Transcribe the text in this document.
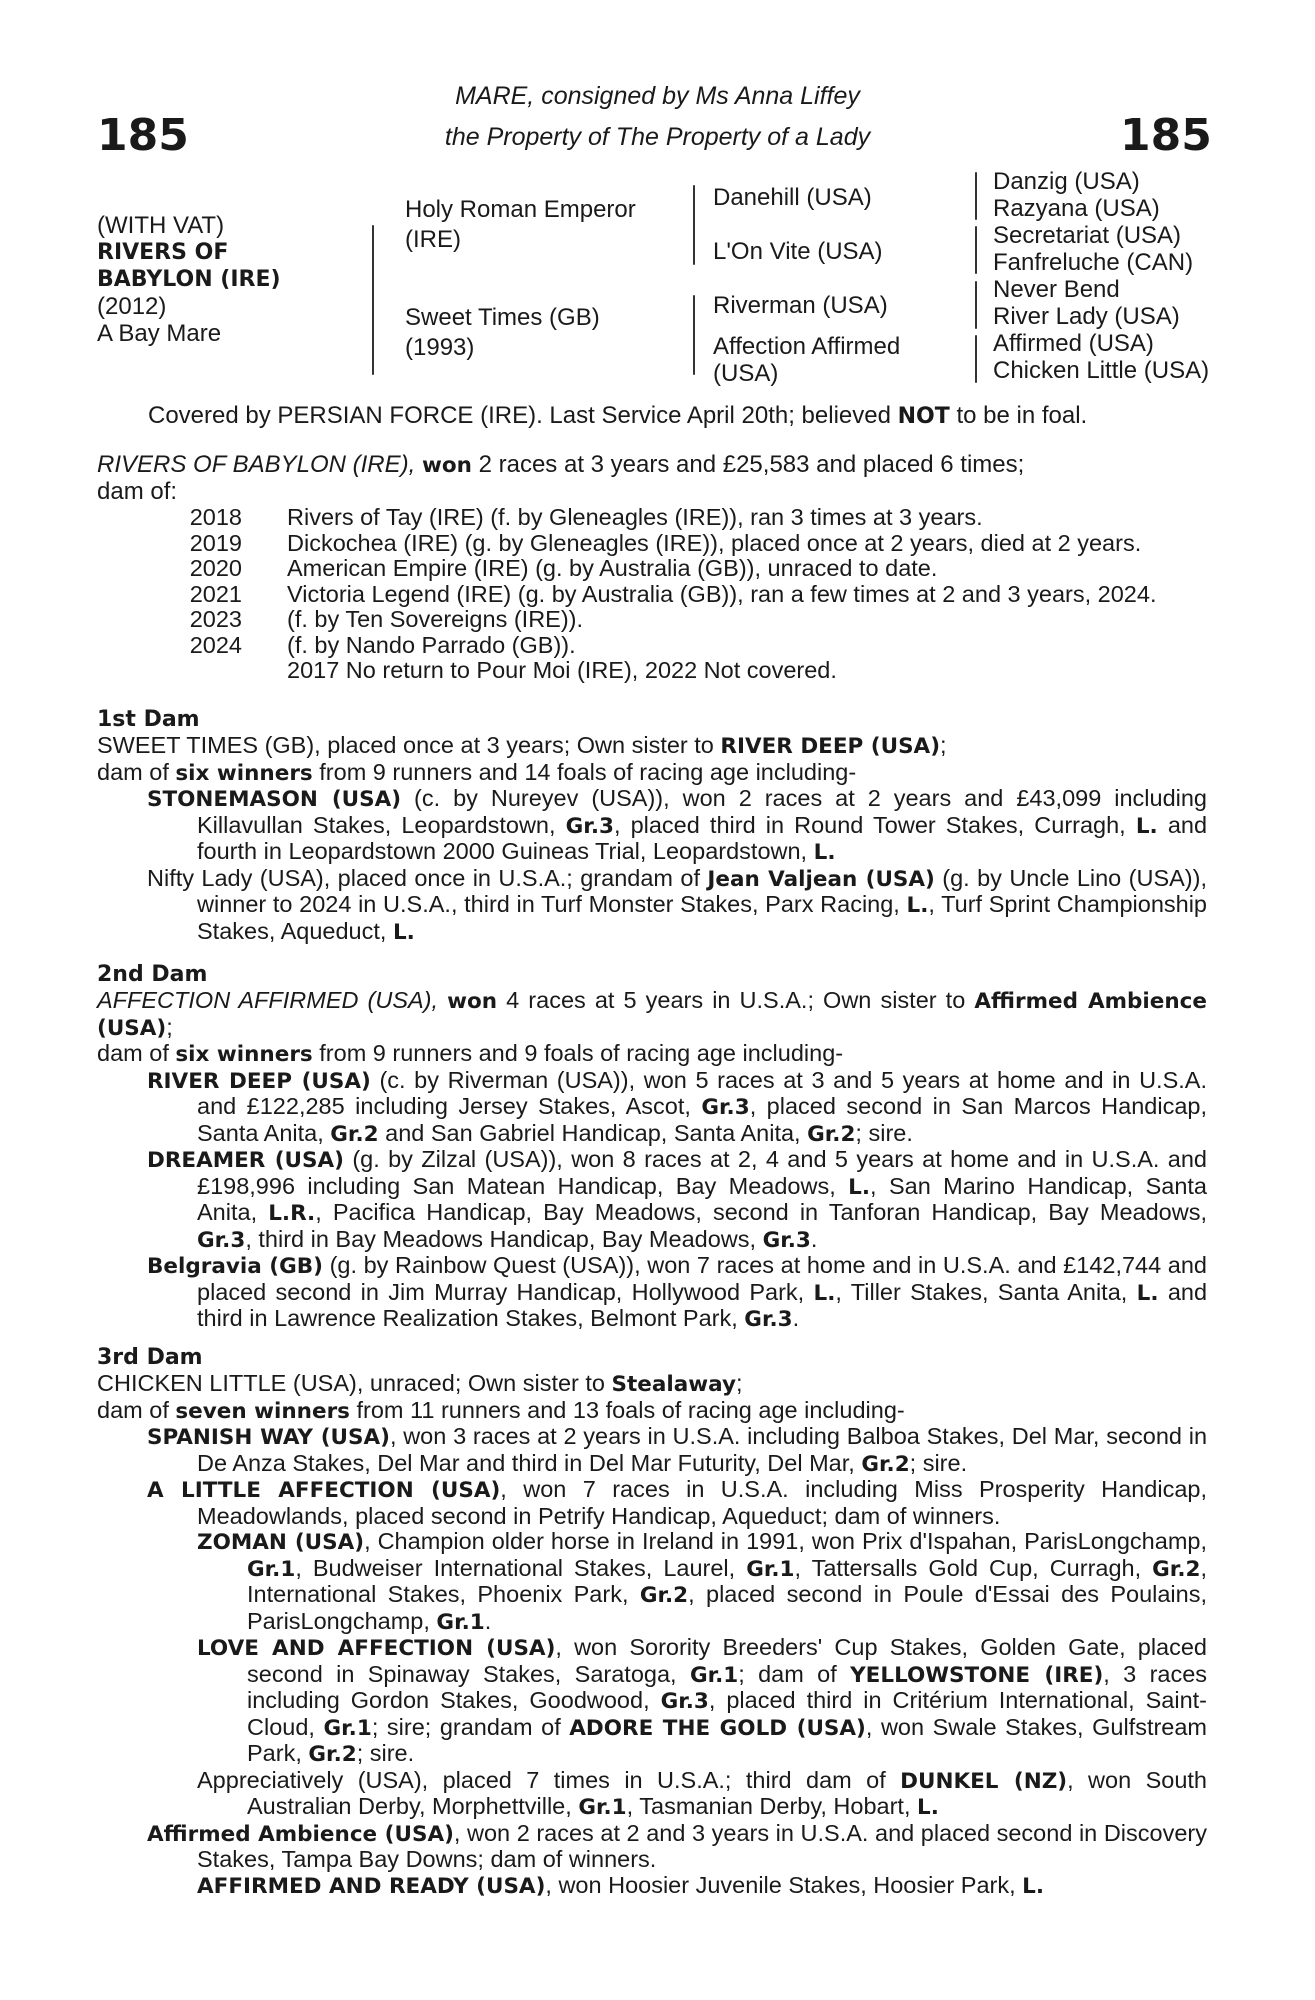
185	185
MARE, consigned by Ms Anna Liffey
the Property of The Property of a Lady
(WITH VAT)
RIVERS OF
BABYLON (IRE)
(2012)
A Bay Mare
Holy Roman Emperor (IRE)
Sweet Times (GB) (1993)
Danehill (USA)
L'On Vite (USA)
Riverman (USA)
Affection Affirmed (USA)
Danzig (USA)
Razyana (USA)
Secretariat (USA)
Fanfreluche (CAN)
Never Bend
River Lady (USA)
Affirmed (USA)
Chicken Little (USA)
Covered by PERSIAN FORCE (IRE). Last Service April 20th; believed NOT to be in foal.

RIVERS OF BABYLON (IRE), won 2 races at 3 years and £25,583 and placed 6 times;

dam of:

2018	Rivers of Tay (IRE) (f. by Gleneagles (IRE)), ran 3 times at 3 years.
2019	Dickochea (IRE) (g. by Gleneagles (IRE)), placed once at 2 years, died at 2 years.
2020	American Empire (IRE) (g. by Australia (GB)), unraced to date.
2021	Victoria Legend (IRE) (g. by Australia (GB)), ran a few times at 2 and 3 years, 2024.
2023	(f. by Ten Sovereigns (IRE)).
2024	(f. by Nando Parrado (GB)).
2017 No return to Pour Moi (IRE), 2022 Not covered.

1st Dam

SWEET TIMES (GB), placed once at 3 years; Own sister to RIVER DEEP (USA);

dam of six winners from 9 runners and 14 foals of racing age including-

STONEMASON (USA) (c. by Nureyev (USA)), won 2 races at 2 years and £43,099 including Killavullan Stakes, Leopardstown, Gr.3, placed third in Round Tower Stakes, Curragh, L. and fourth in Leopardstown 2000 Guineas Trial, Leopardstown, L.

Nifty Lady (USA), placed once in U.S.A.; grandam of Jean Valjean (USA) (g. by Uncle Lino (USA)), winner to 2024 in U.S.A., third in Turf Monster Stakes, Parx Racing, L., Turf Sprint Championship Stakes, Aqueduct, L.

2nd Dam

AFFECTION AFFIRMED (USA), won 4 races at 5 years in U.S.A.; Own sister to Affirmed Ambience (USA);

dam of six winners from 9 runners and 9 foals of racing age including-

RIVER DEEP (USA) (c. by Riverman (USA)), won 5 races at 3 and 5 years at home and in U.S.A. and £122,285 including Jersey Stakes, Ascot, Gr.3, placed second in San Marcos Handicap, Santa Anita, Gr.2 and San Gabriel Handicap, Santa Anita, Gr.2; sire.

DREAMER (USA) (g. by Zilzal (USA)), won 8 races at 2, 4 and 5 years at home and in U.S.A. and £198,996 including San Matean Handicap, Bay Meadows, L., San Marino Handicap, Santa Anita, L.R., Pacifica Handicap, Bay Meadows, second in Tanforan Handicap, Bay Meadows, Gr.3, third in Bay Meadows Handicap, Bay Meadows, Gr.3.

Belgravia (GB) (g. by Rainbow Quest (USA)), won 7 races at home and in U.S.A. and £142,744 and placed second in Jim Murray Handicap, Hollywood Park, L., Tiller Stakes, Santa Anita, L. and third in Lawrence Realization Stakes, Belmont Park, Gr.3.

3rd Dam

CHICKEN LITTLE (USA), unraced; Own sister to Stealaway;

dam of seven winners from 11 runners and 13 foals of racing age including-

SPANISH WAY (USA), won 3 races at 2 years in U.S.A. including Balboa Stakes, Del Mar, second in De Anza Stakes, Del Mar and third in Del Mar Futurity, Del Mar, Gr.2; sire.

A LITTLE AFFECTION (USA), won 7 races in U.S.A. including Miss Prosperity Handicap, Meadowlands, placed second in Petrify Handicap, Aqueduct; dam of winners.

ZOMAN (USA), Champion older horse in Ireland in 1991, won Prix d'Ispahan, ParisLongchamp, Gr.1, Budweiser International Stakes, Laurel, Gr.1, Tattersalls Gold Cup, Curragh, Gr.2, International Stakes, Phoenix Park, Gr.2, placed second in Poule d'Essai des Poulains, ParisLongchamp, Gr.1.

LOVE AND AFFECTION (USA), won Sorority Breeders' Cup Stakes, Golden Gate, placed second in Spinaway Stakes, Saratoga, Gr.1; dam of YELLOWSTONE (IRE), 3 races including Gordon Stakes, Goodwood, Gr.3, placed third in Critérium International, Saint-Cloud, Gr.1; sire; grandam of ADORE THE GOLD (USA), won Swale Stakes, Gulfstream Park, Gr.2; sire.

Appreciatively (USA), placed 7 times in U.S.A.; third dam of DUNKEL (NZ), won South Australian Derby, Morphettville, Gr.1, Tasmanian Derby, Hobart, L.

Affirmed Ambience (USA), won 2 races at 2 and 3 years in U.S.A. and placed second in Discovery Stakes, Tampa Bay Downs; dam of winners.

AFFIRMED AND READY (USA), won Hoosier Juvenile Stakes, Hoosier Park, L.
